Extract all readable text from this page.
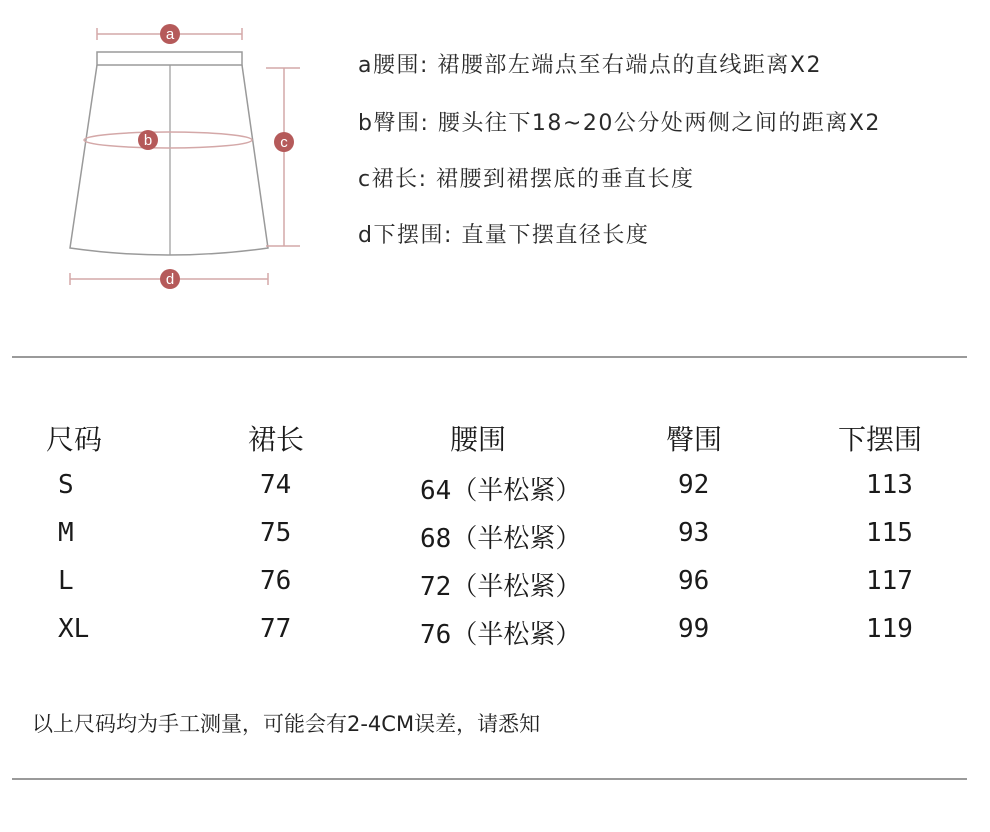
a
b	c
d
a腰围: 裙腰部左端点至右端点的直线距离X2
b臀围: 腰头往下18~20公分处两侧之间的距离X2
c裙长: 裙腰到裙摆底的垂直长度
d下摆围: 直量下摆直径长度
尺码	裙长	腰围	臀围	下摆围
S	74	64（半松紧）	92	113
M	75	68（半松紧）	93	115
L	76	72（半松紧）	96	117
XL	77	76（半松紧）	99	119
以上尺码均为手工测量，可能会有2-4CM误差，请悉知
